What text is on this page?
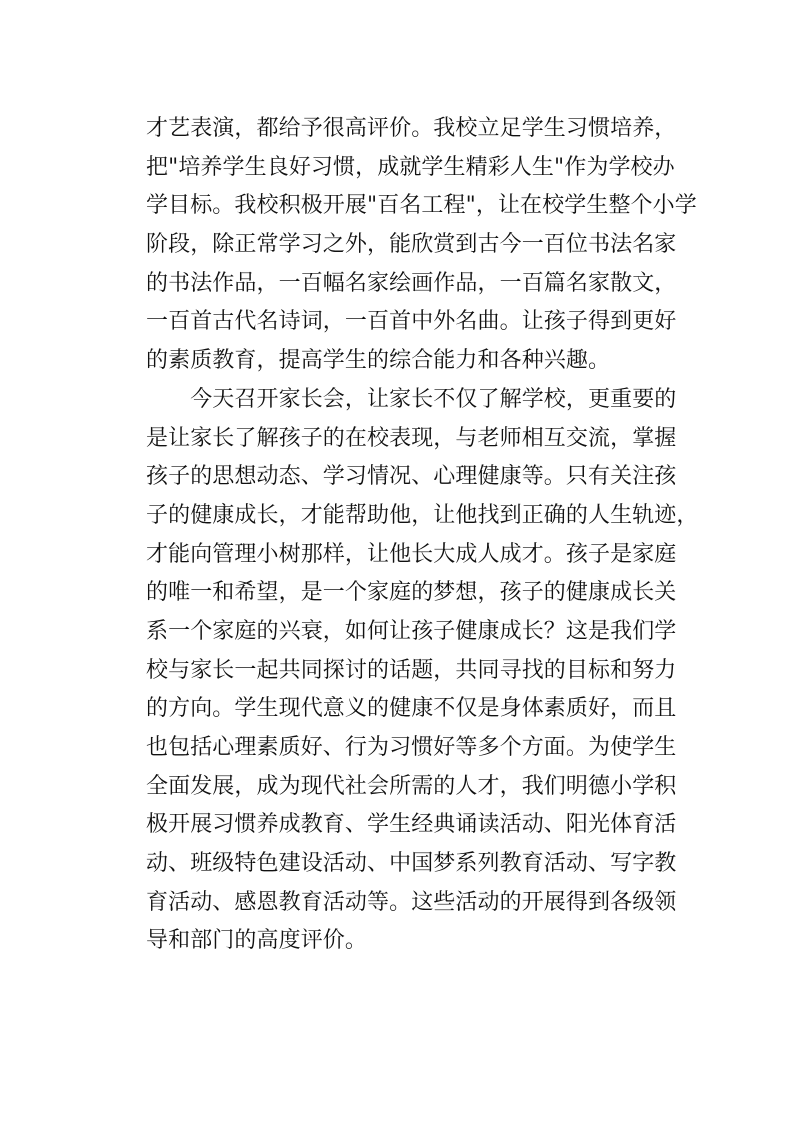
才艺表演，都给予很高评价。我校立足学生习惯培养，
把"培养学生良好习惯，成就学生精彩人生"作为学校办
学目标。我校积极开展"百名工程"，让在校学生整个小学
阶段，除正常学习之外，能欣赏到古今一百位书法名家
的书法作品，一百幅名家绘画作品，一百篇名家散文，
一百首古代名诗词，一百首中外名曲。让孩子得到更好
的素质教育，提高学生的综合能力和各种兴趣。
　　今天召开家长会，让家长不仅了解学校，更重要的
是让家长了解孩子的在校表现，与老师相互交流，掌握
孩子的思想动态、学习情况、心理健康等。只有关注孩
子的健康成长，才能帮助他，让他找到正确的人生轨迹，
才能向管理小树那样，让他长大成人成才。孩子是家庭
的唯一和希望，是一个家庭的梦想，孩子的健康成长关
系一个家庭的兴衰，如何让孩子健康成长？这是我们学
校与家长一起共同探讨的话题，共同寻找的目标和努力
的方向。学生现代意义的健康不仅是身体素质好，而且
也包括心理素质好、行为习惯好等多个方面。为使学生
全面发展，成为现代社会所需的人才，我们明德小学积
极开展习惯养成教育、学生经典诵读活动、阳光体育活
动、班级特色建设活动、中国梦系列教育活动、写字教
育活动、感恩教育活动等。这些活动的开展得到各级领
导和部门的高度评价。
